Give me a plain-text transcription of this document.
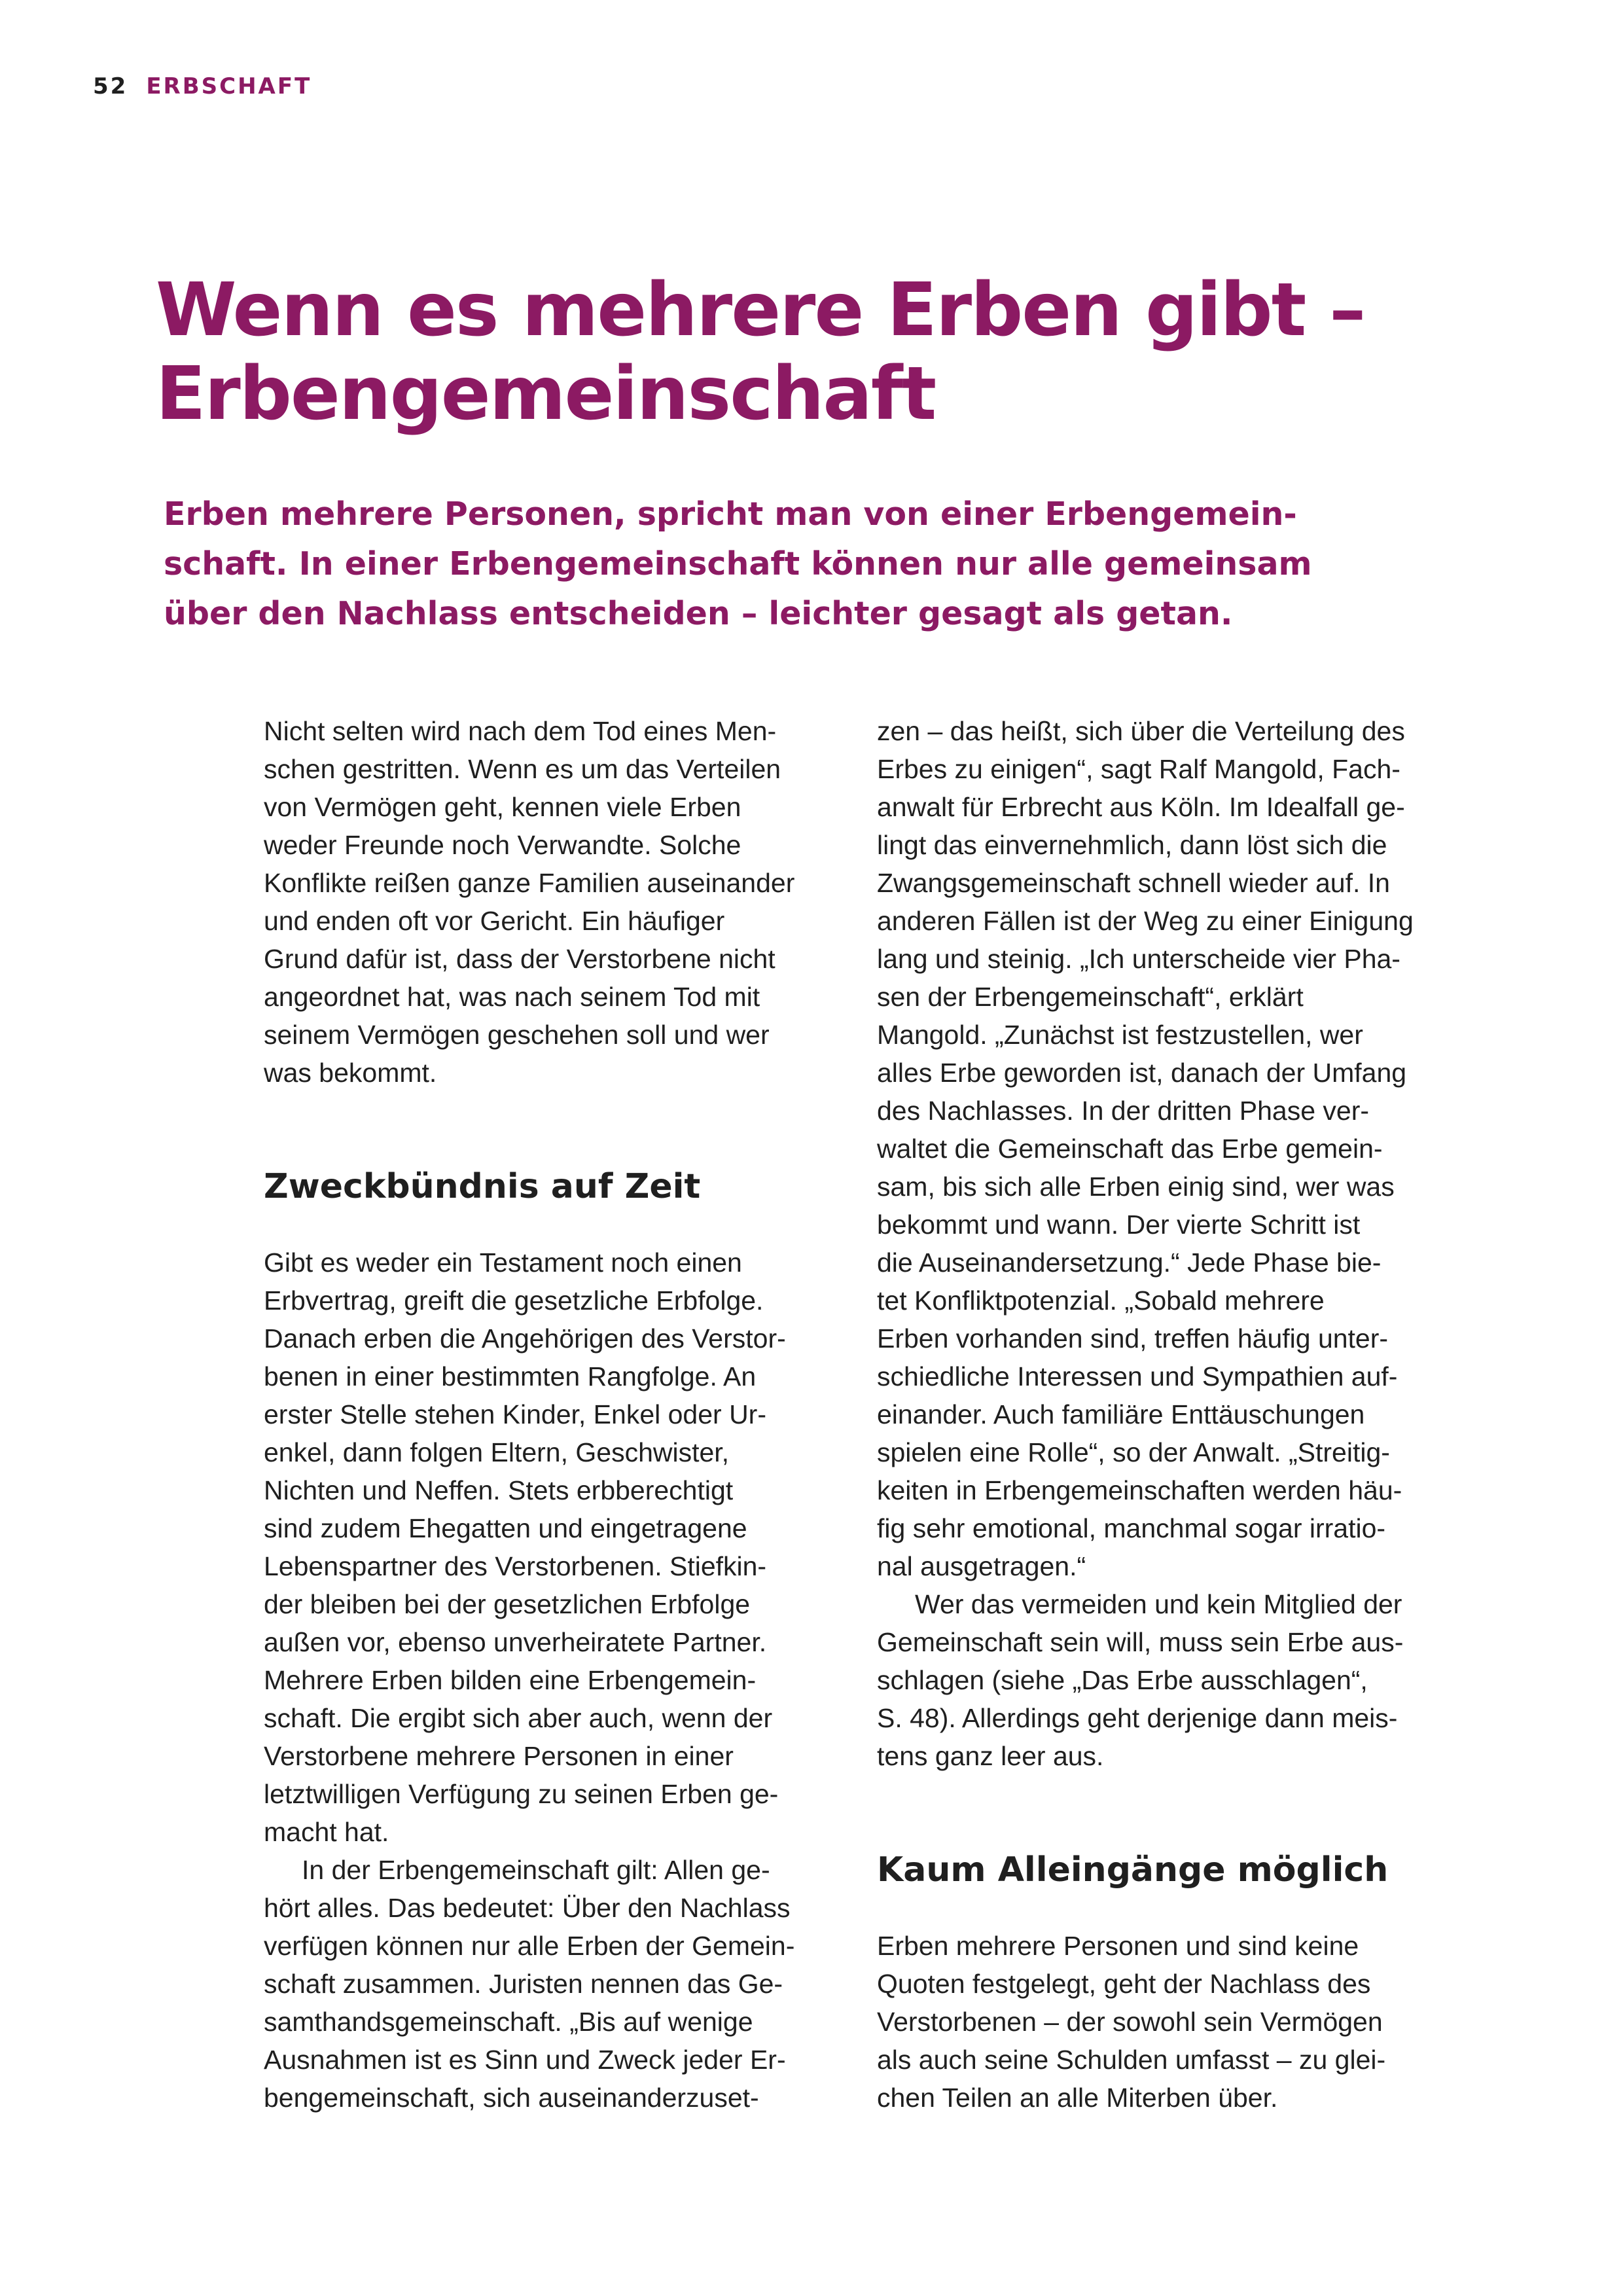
52 ERBSCHAFT
Wenn es mehrere Erben gibt –
Erbengemeinschaft

Erben mehrere Personen, spricht man von einer Erbengemein-
schaft. In einer Erbengemeinschaft können nur alle gemeinsam
über den Nachlass entscheiden – leichter gesagt als getan.

Nicht selten wird nach dem Tod eines Men-
schen gestritten. Wenn es um das Verteilen
von Vermögen geht, kennen viele Erben
weder Freunde noch Verwandte. Solche
Konflikte reißen ganze Familien auseinander
und enden oft vor Gericht. Ein häufiger
Grund dafür ist, dass der Verstorbene nicht
angeordnet hat, was nach seinem Tod mit
seinem Vermögen geschehen soll und wer
was bekommt.
Zweckbündnis auf Zeit
Gibt es weder ein Testament noch einen
Erbvertrag, greift die gesetzliche Erbfolge.
Danach erben die Angehörigen des Verstor-
benen in einer bestimmten Rangfolge. An
erster Stelle stehen Kinder, Enkel oder Ur-
enkel, dann folgen Eltern, Geschwister,
Nichten und Neffen. Stets erbberechtigt
sind zudem Ehegatten und eingetragene
Lebenspartner des Verstorbenen. Stiefkin-
der bleiben bei der gesetzlichen Erbfolge
außen vor, ebenso unverheiratete Partner.
Mehrere Erben bilden eine Erbengemein-
schaft. Die ergibt sich aber auch, wenn der
Verstorbene mehrere Personen in einer
letztwilligen Verfügung zu seinen Erben ge-
macht hat.
In der Erbengemeinschaft gilt: Allen ge-
hört alles. Das bedeutet: Über den Nachlass
verfügen können nur alle Erben der Gemein-
schaft zusammen. Juristen nennen das Ge-
samthandsgemeinschaft. „Bis auf wenige
Ausnahmen ist es Sinn und Zweck jeder Er-
bengemeinschaft, sich auseinanderzuset-
zen – das heißt, sich über die Verteilung des
Erbes zu einigen“, sagt Ralf Mangold, Fach-
anwalt für Erbrecht aus Köln. Im Idealfall ge-
lingt das einvernehmlich, dann löst sich die
Zwangsgemeinschaft schnell wieder auf. In
anderen Fällen ist der Weg zu einer Einigung
lang und steinig. „Ich unterscheide vier Pha-
sen der Erbengemeinschaft“, erklärt
Mangold. „Zunächst ist festzustellen, wer
alles Erbe geworden ist, danach der Umfang
des Nachlasses. In der dritten Phase ver-
waltet die Gemeinschaft das Erbe gemein-
sam, bis sich alle Erben einig sind, wer was
bekommt und wann. Der vierte Schritt ist
die Auseinandersetzung.“ Jede Phase bie-
tet Konfliktpotenzial. „Sobald mehrere
Erben vorhanden sind, treffen häufig unter-
schiedliche Interessen und Sympathien auf-
einander. Auch familiäre Enttäuschungen
spielen eine Rolle“, so der Anwalt. „Streitig-
keiten in Erbengemeinschaften werden häu-
fig sehr emotional, manchmal sogar irratio-
nal ausgetragen.“
Wer das vermeiden und kein Mitglied der
Gemeinschaft sein will, muss sein Erbe aus-
schlagen (siehe „Das Erbe ausschlagen“,
S. 48). Allerdings geht derjenige dann meis-
tens ganz leer aus.
Kaum Alleingänge möglich
Erben mehrere Personen und sind keine
Quoten festgelegt, geht der Nachlass des
Verstorbenen – der sowohl sein Vermögen
als auch seine Schulden umfasst – zu glei-
chen Teilen an alle Miterben über.
